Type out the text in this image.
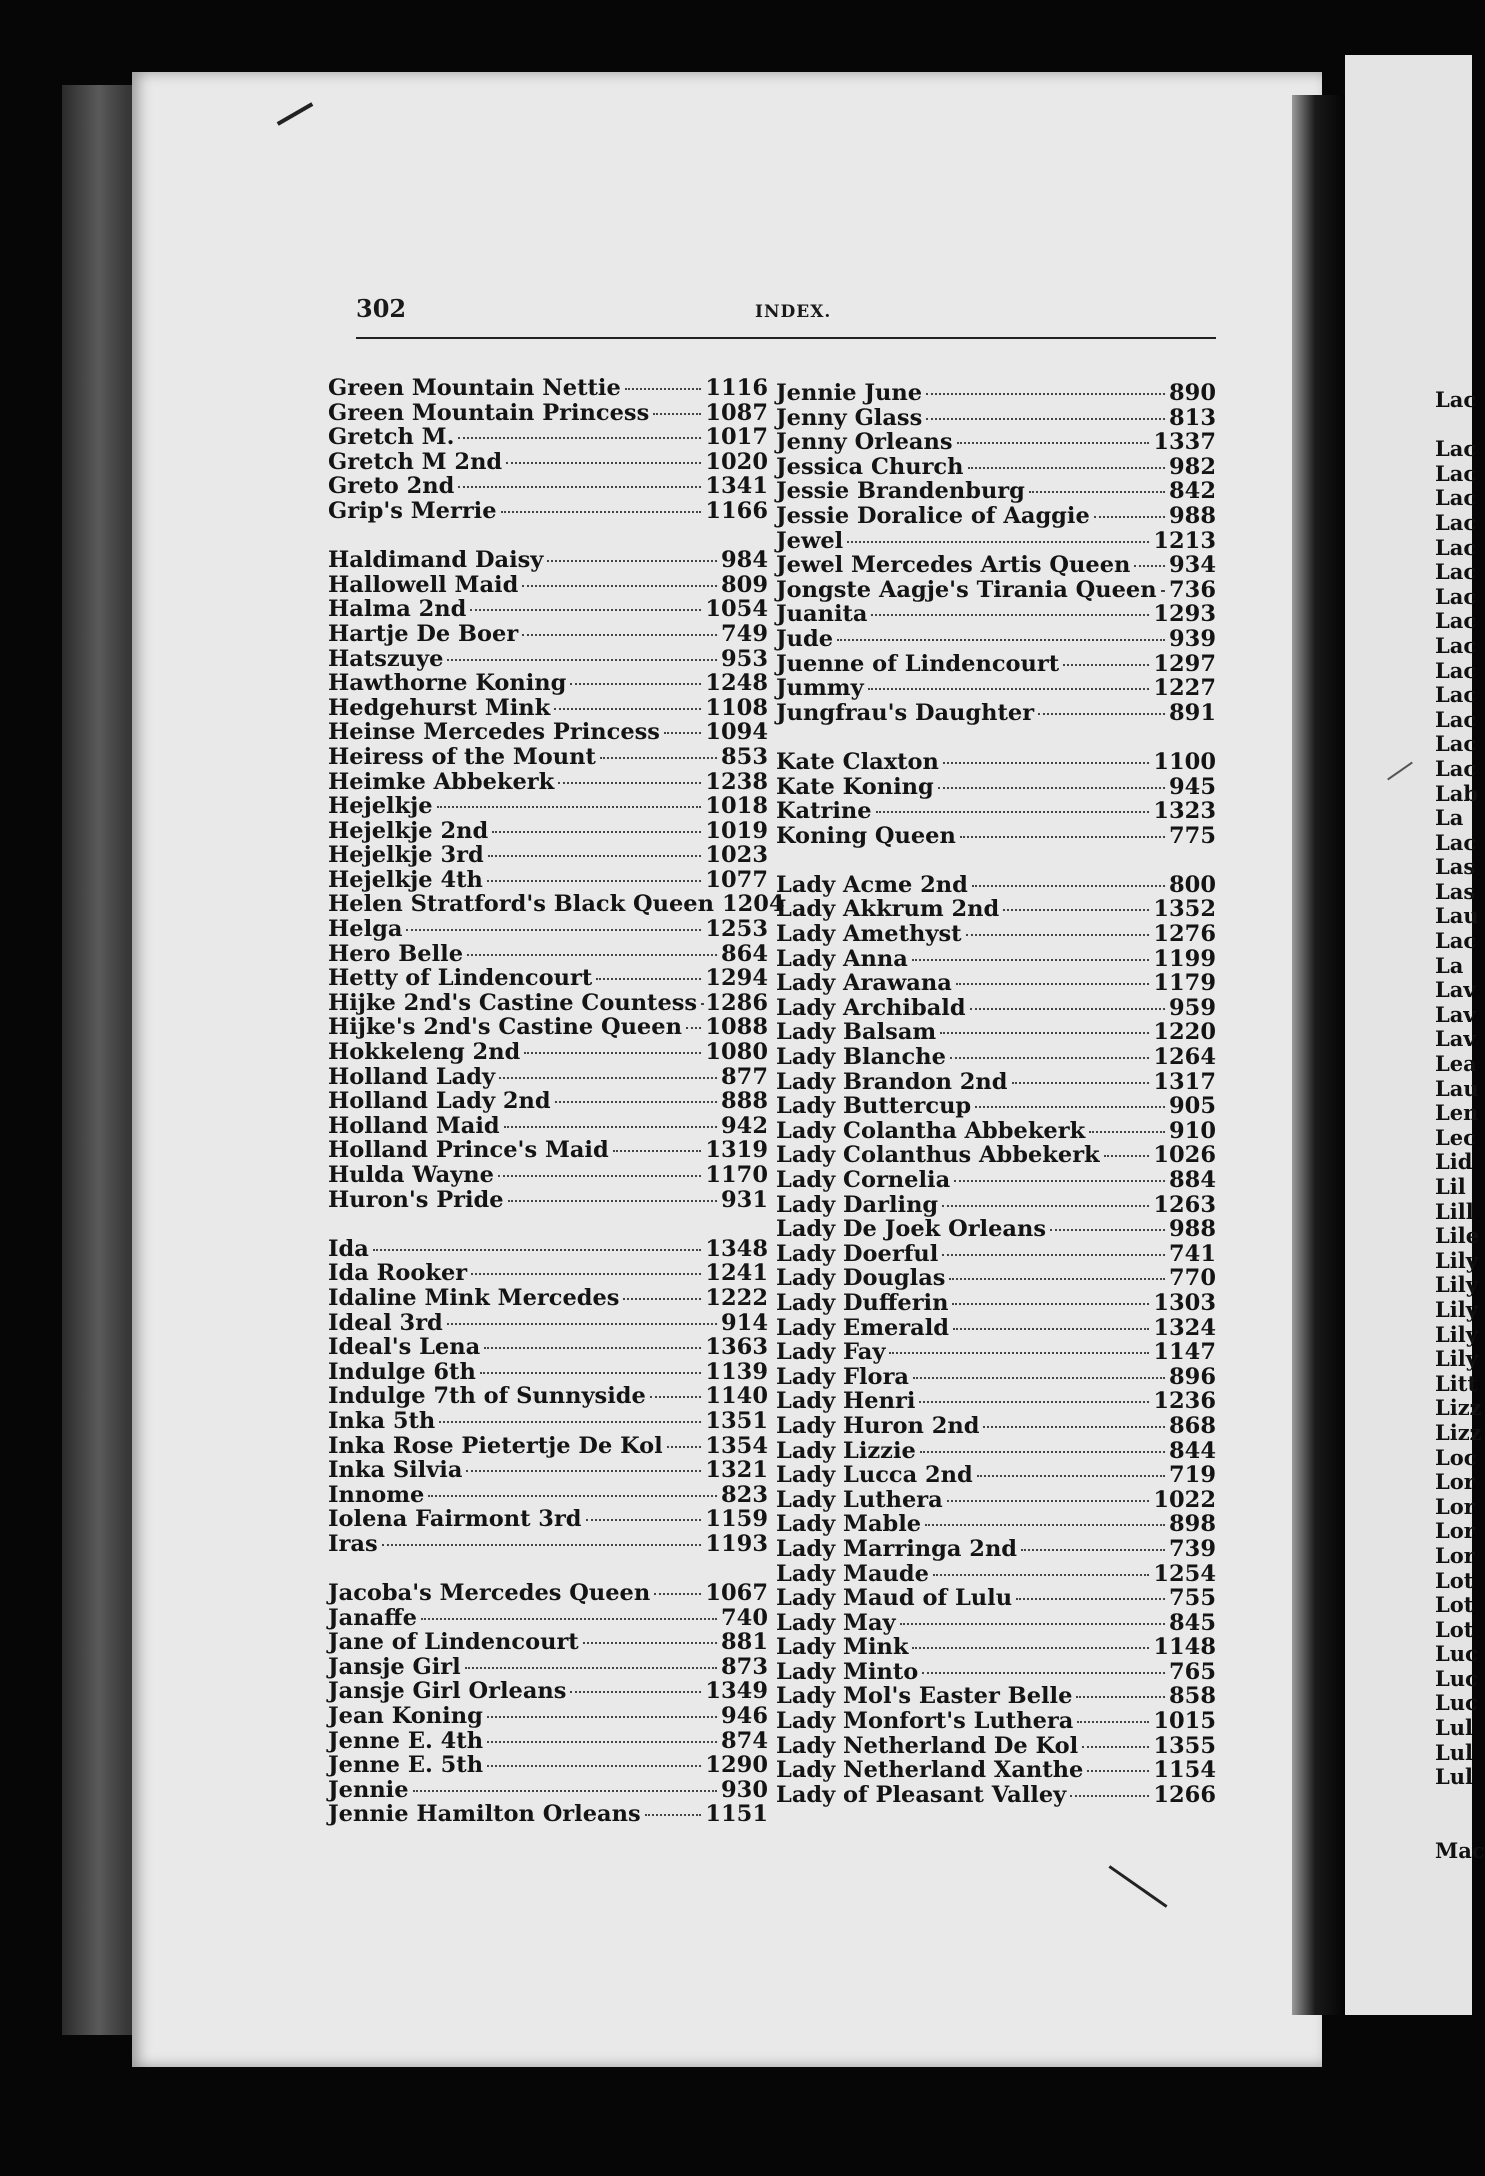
Lac
Lac
Lac
Lac
Lac
Lac
Lac
Lac
Lac
Lac
Lac
Lac
Lac
Lac
Lac
Lab
La
Lac
Las
Las
Lau
Lac
La
Lav
Lav
Lav
Lea
Lau
Len
Lec
Lid
Lil
Lill
Lile
Lily
Lily
Lily
Lily
Lily
Litt
Lizz
Lizz
Loc
Lor
Lor
Lor
Lor
Lot
Lot
Lot
Luc
Luc
Luc
Lul
Lul
Lul
Mac
302	INDEX.
Green Mountain Nettie	1116
Green Mountain Princess 1087
Gretch M.	1017
Gretch M 2nd	1020
Greto 2nd	1341
Grip's Merrie	1166
Haldimand Daisy	984
Hallowell Maid	809
Halma 2nd	1054
Hartje De Boer	749
Hatszuye	953
Hawthorne Koning	1248
Hedgehurst Mink	1108
Heinse Mercedes Princess 1094
Heiress of the Mount	853
Heimke Abbekerk	1238
Hejelkje	1018
Hejelkje 2nd	1019
Hejelkje 3rd	1023
Hejelkje 4th	1077
Helen Stratford's Black Queen 1204
Helga	1253
Hero Belle	864
Hetty of Lindencourt	1294
Hijke 2nd's Castine Countess 1286
Hijke's 2nd's Castine Queen 1088
Hokkeleng 2nd	1080
Holland Lady	877
Holland Lady 2nd	888
Holland Maid	942
Holland Prince's Maid	1319
Hulda Wayne	1170
Huron's Pride	931
Ida	1348
Ida Rooker	1241
Idaline Mink Mercedes	1222
Ideal 3rd	914
Ideal's Lena	1363
Indulge 6th	1139
Indulge 7th of Sunnyside	1140
Inka 5th	1351
Inka Rose Pietertje De Kol 1354
Inka Silvia	1321
Innome	823
Iolena Fairmont 3rd	1159
Iras	1193
Jacoba's Mercedes Queen 1067
Janaffe	740
Jane of Lindencourt	881
Jansje Girl	873
Jansje Girl Orleans	1349
Jean Koning	946
Jenne E. 4th	874
Jenne E. 5th	1290
Jennie	930
Jennie Hamilton Orleans	1151
Jennie June	890
Jenny Glass	813
Jenny Orleans	1337
Jessica Church	982
Jessie Brandenburg	842
Jessie Doralice of Aaggie	988
Jewel	1213
Jewel Mercedes Artis Queen 934
Jongste Aagje's Tirania Queen 736
Juanita	1293
Jude	939
Juenne of Lindencourt	1297
Jummy	1227
Jungfrau's Daughter	891
Kate Claxton	1100
Kate Koning	945
Katrine	1323
Koning Queen	775
Lady Acme 2nd	800
Lady Akkrum 2nd	1352
Lady Amethyst	1276
Lady Anna	1199
Lady Arawana	1179
Lady Archibald	959
Lady Balsam	1220
Lady Blanche	1264
Lady Brandon 2nd	1317
Lady Buttercup	905
Lady Colantha Abbekerk	910
Lady Colanthus Abbekerk 1026
Lady Cornelia	884
Lady Darling	1263
Lady De Joek Orleans	988
Lady Doerful	741
Lady Douglas	770
Lady Dufferin	1303
Lady Emerald	1324
Lady Fay	1147
Lady Flora	896
Lady Henri	1236
Lady Huron 2nd	868
Lady Lizzie	844
Lady Lucca 2nd	719
Lady Luthera	1022
Lady Mable	898
Lady Marringa 2nd	739
Lady Maude	1254
Lady Maud of Lulu	755
Lady May	845
Lady Mink	1148
Lady Minto	765
Lady Mol's Easter Belle	858
Lady Monfort's Luthera	1015
Lady Netherland De Kol	1355
Lady Netherland Xanthe	1154
Lady of Pleasant Valley	1266
